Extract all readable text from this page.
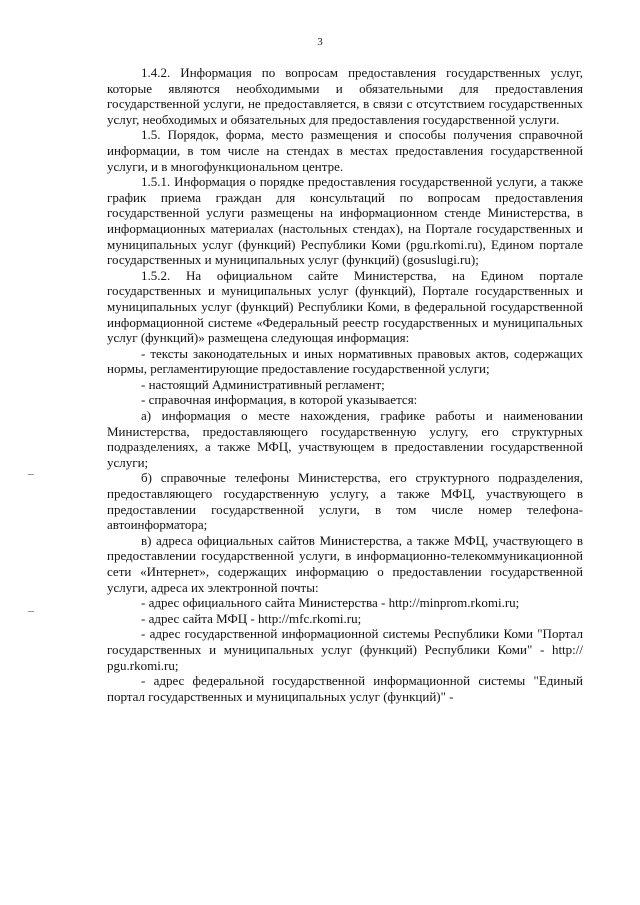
3

1.4.2. Информация по вопросам предоставления государственных услуг, которые являются необходимыми и обязательными для предоставления государственной услуги, не предоставляется, в связи с отсутствием государственных услуг, необходимых и обязательных для предоставления государственной услуги.

1.5. Порядок, форма, место размещения и способы получения справочной информации, в том числе на стендах в местах предоставления государственной услуги, и в многофункциональном центре.

1.5.1. Информация о порядке предоставления государственной услуги, а также график приема граждан для консультаций по вопросам предоставления государственной услуги размещены на информационном стенде Министерства, в информационных материалах (настольных стендах), на Портале государственных и муниципальных услуг (функций) Республики Коми (pgu.rkomi.ru), Едином портале государственных и муниципальных услуг (функций) (gosuslugi.ru);

1.5.2. На официальном сайте Министерства, на Едином портале государственных и муниципальных услуг (функций), Портале государственных и муниципальных услуг (функций) Республики Коми, в федеральной государственной информационной системе «Федеральный реестр государственных и муниципальных услуг (функций)» размещена следующая информация:

- тексты законодательных и иных нормативных правовых актов, содержащих нормы, регламентирующие предоставление государственной услуги;

- настоящий Административный регламент;

- справочная информация, в которой указывается:

а) информация о месте нахождения, графике работы и наименовании Министерства, предоставляющего государственную услугу, его структурных подразделениях, а также МФЦ, участвующем в предоставлении государственной услуги;

б) справочные телефоны Министерства, его структурного подразделения, предоставляющего государственную услугу, а также МФЦ, участвующего в предоставлении государственной услуги, в том числе номер телефона-автоинформатора;

в) адреса официальных сайтов Министерства, а также МФЦ, участвующего в предоставлении государственной услуги, в информационно-телекоммуникационной сети «Интернет», содержащих информацию о предоставлении государственной услуги, адреса их электронной почты:

- адрес официального сайта Министерства - http://minprom.rkomi.ru;

- адрес сайта МФЦ - http://mfc.rkomi.ru;

- адрес государственной информационной системы Республики Коми "Портал государственных и муниципальных услуг (функций) Республики Коми" - http:// pgu.rkomi.ru;

- адрес федеральной государственной информационной системы "Единый портал государственных и муниципальных услуг (функций)" -
